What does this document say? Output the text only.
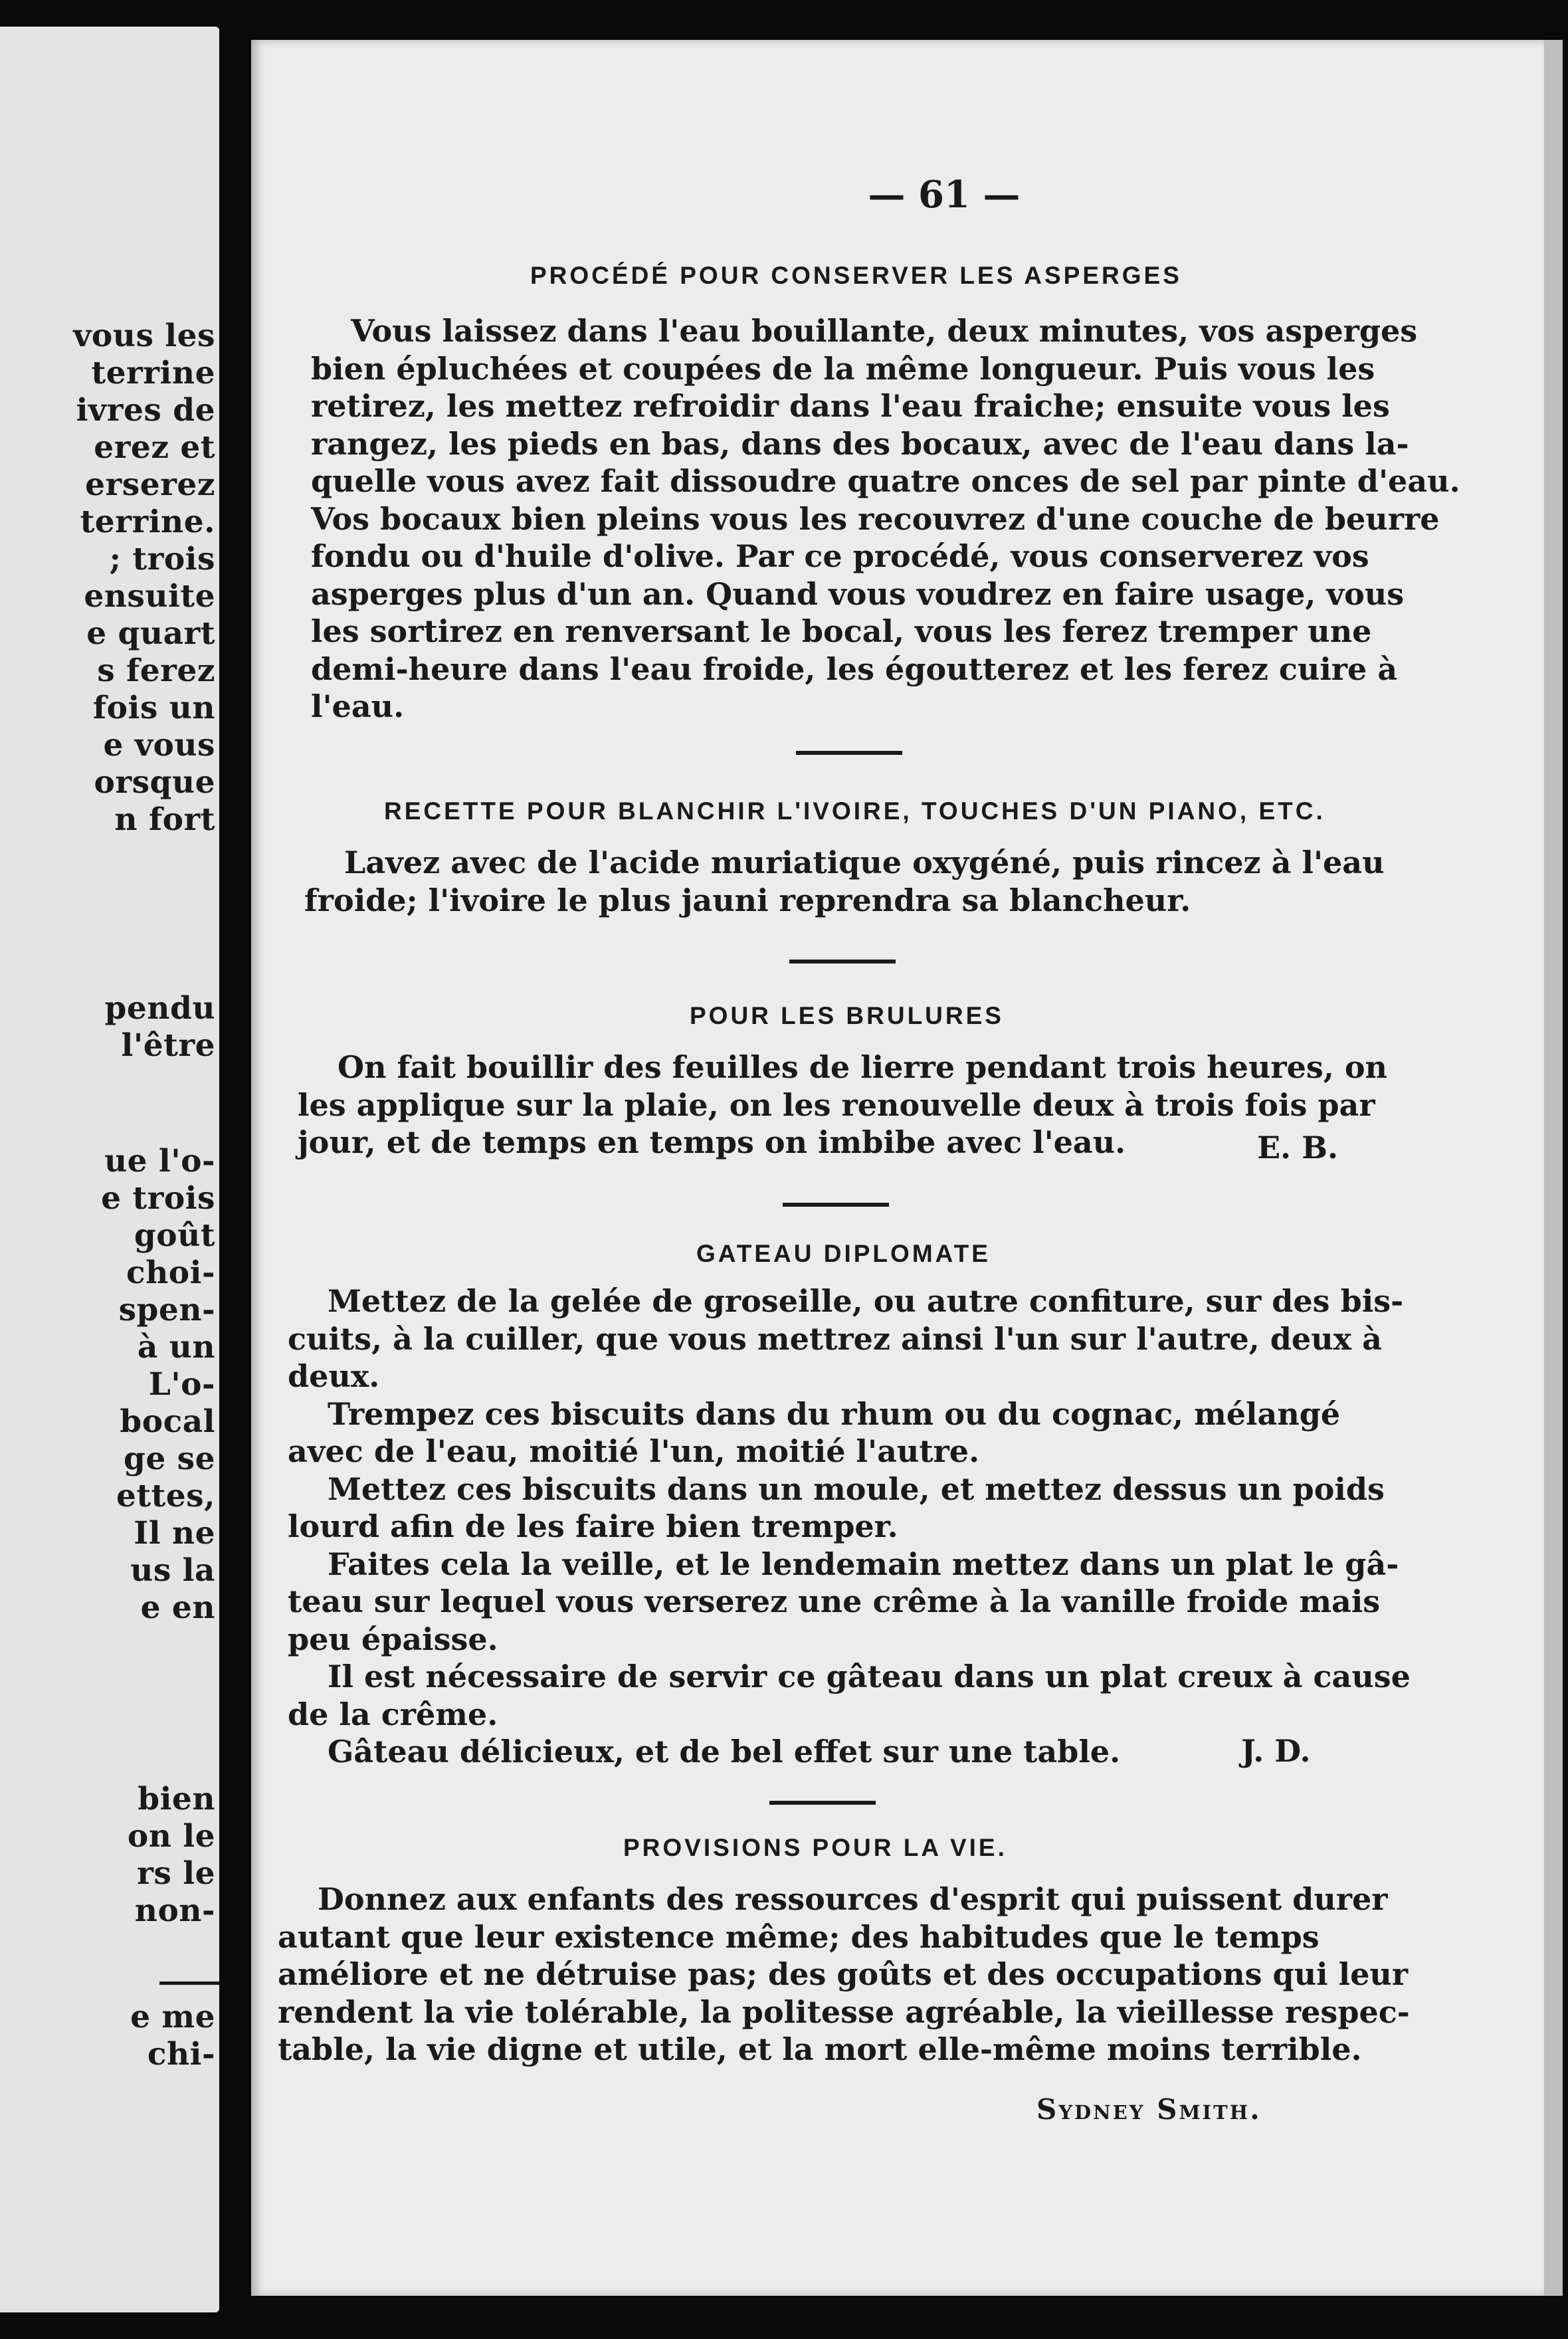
vous les
terrine
ivres de
erez et
erserez
terrine.
; trois
ensuite
e quart
s ferez
fois un
e vous
orsque
n fort
pendu
l'être
ue l'o-
e trois
goût
choi-
spen-
à un
L'o-
bocal
ge se
ettes,
Il ne
us la
e en
bien
on le
rs le
non-
e me
chi-
— 61 —
PROCÉDÉ POUR CONSERVER LES ASPERGES
Vous laissez dans l'eau bouillante, deux minutes, vos asperges
bien épluchées et coupées de la même longueur. Puis vous les
retirez, les mettez refroidir dans l'eau fraiche; ensuite vous les
rangez, les pieds en bas, dans des bocaux, avec de l'eau dans la-
quelle vous avez fait dissoudre quatre onces de sel par pinte d'eau.
Vos bocaux bien pleins vous les recouvrez d'une couche de beurre
fondu ou d'huile d'olive. Par ce procédé, vous conserverez vos
asperges plus d'un an. Quand vous voudrez en faire usage, vous
les sortirez en renversant le bocal, vous les ferez tremper une
demi-heure dans l'eau froide, les égoutterez et les ferez cuire à
l'eau.
RECETTE POUR BLANCHIR L'IVOIRE, TOUCHES D'UN PIANO, ETC.
Lavez avec de l'acide muriatique oxygéné, puis rincez à l'eau
froide; l'ivoire le plus jauni reprendra sa blancheur.
POUR LES BRULURES
On fait bouillir des feuilles de lierre pendant trois heures, on
les applique sur la plaie, on les renouvelle deux à trois fois par
jour, et de temps en temps on imbibe avec l'eau.	E. B.
GATEAU DIPLOMATE
Mettez de la gelée de groseille, ou autre confiture, sur des bis-
cuits, à la cuiller, que vous mettrez ainsi l'un sur l'autre, deux à
deux.
Trempez ces biscuits dans du rhum ou du cognac, mélangé
avec de l'eau, moitié l'un, moitié l'autre.
Mettez ces biscuits dans un moule, et mettez dessus un poids
lourd afin de les faire bien tremper.
Faites cela la veille, et le lendemain mettez dans un plat le gâ-
teau sur lequel vous verserez une crême à la vanille froide mais
peu épaisse.
Il est nécessaire de servir ce gâteau dans un plat creux à cause
de la crême.
Gâteau délicieux, et de bel effet sur une table.	J. D.
PROVISIONS POUR LA VIE.
Donnez aux enfants des ressources d'esprit qui puissent durer
autant que leur existence même; des habitudes que le temps
améliore et ne détruise pas; des goûts et des occupations qui leur
rendent la vie tolérable, la politesse agréable, la vieillesse respec-
table, la vie digne et utile, et la mort elle-même moins terrible.
Sydney Smith.
